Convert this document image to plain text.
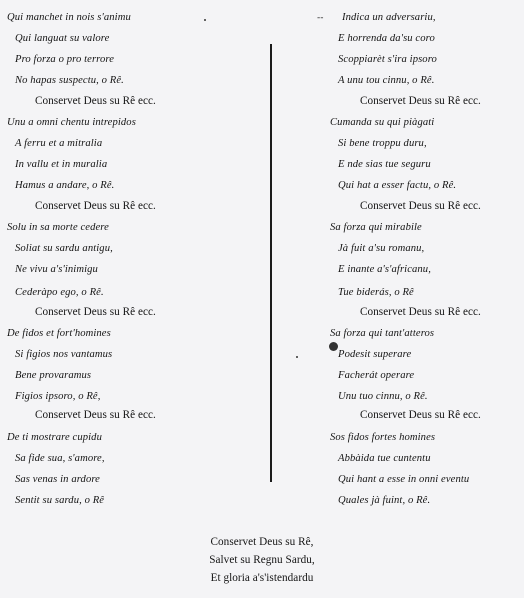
Qui manchet in nois s'animu
Qui languat su valore
Pro forza o pro terrore
No hapas suspectu, o Rê.
Conservet Deus su Rê ecc.
Unu a omni chentu intrepidos
A ferru et a mitralia
In vallu et in muralia
Hamus a andare, o Rê.
Conservet Deus su Rê ecc.
Solu in sa morte cedere
Soliat su sardu antigu,
Ne vivu a's'inimigu
Cederàpo ego, o Rê.
Conservet Deus su Rê ecc.
De fidos et fort'homines
Si figios nos vantamus
Bene provaramus
Figios ipsoro, o Rê,
Conservet Deus su Rê ecc.
De ti mostrare cupidu
Sa fide sua, s'amore,
Sas venas in ardore
Sentit su sardu, o Rê
-- Indica un adversariu,
E horrenda da'su coro
Scoppiarèt s'ira ipsoro
A unu tou cinnu, o Rê.
Conservet Deus su Rê ecc.
Cumanda su qui piàgati
Si bene troppu duru,
E nde sias tue seguru
Qui hat a esser factu, o Rê.
Conservet Deus su Rê ecc.
Sa forza qui mirabile
Jà fuit a'su romanu,
E inante a's'africanu,
Tue biderás, o Rê
Conservet Deus su Rê ecc.
Sa forza qui tant'atteros
Podesit superare
Facherát operare
Unu tuo cinnu, o Rê.
Conservet Deus su Rê ecc.
Sos fidos fortes homines
Abbàida tue cuntentu
Qui hant a esse in onni eventu
Quales jà fuint, o Rê.
Conservet Deus su Rê,
Salvet su Regnu Sardu,
Et gloria a's'istendardu
